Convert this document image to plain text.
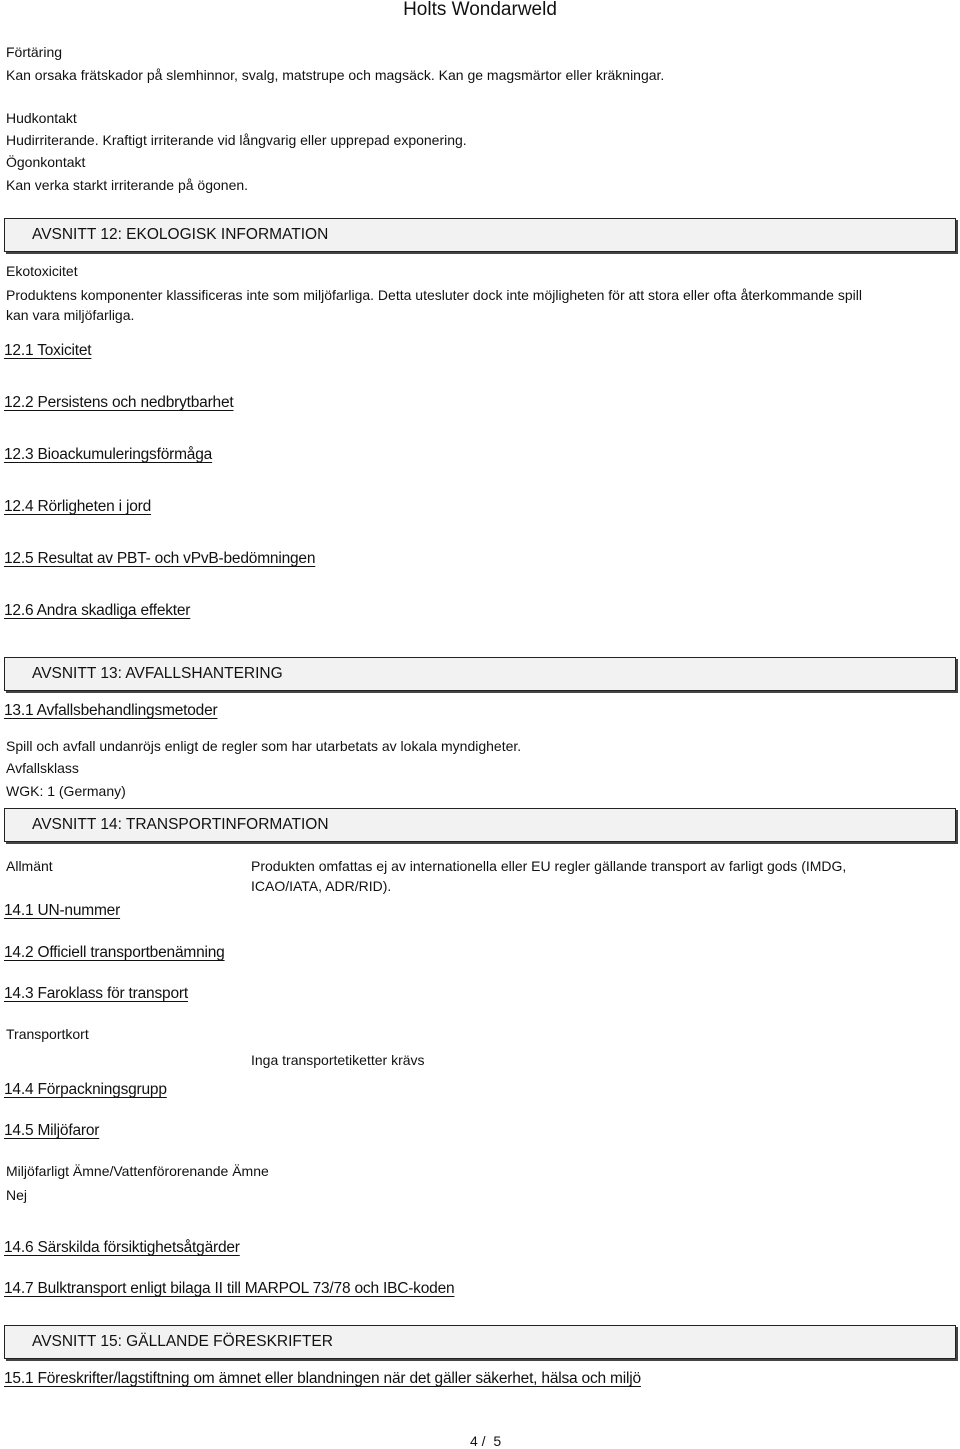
Holts Wondarweld
Förtäring
Kan orsaka frätskador på slemhinnor, svalg, matstrupe och magsäck. Kan ge magsmärtor eller kräkningar.
Hudkontakt
Hudirriterande. Kraftigt irriterande vid långvarig eller upprepad exponering.
Ögonkontakt
Kan verka starkt irriterande på ögonen.
AVSNITT 12: EKOLOGISK INFORMATION
Ekotoxicitet
Produktens komponenter klassificeras inte som miljöfarliga. Detta utesluter dock inte möjligheten för att stora eller ofta återkommande spill
kan vara miljöfarliga.
12.1 Toxicitet
12.2 Persistens och nedbrytbarhet
12.3 Bioackumuleringsförmåga
12.4 Rörligheten i jord
12.5 Resultat av PBT- och vPvB-bedömningen
12.6 Andra skadliga effekter
AVSNITT 13: AVFALLSHANTERING
13.1 Avfallsbehandlingsmetoder
Spill och avfall undanröjs enligt de regler som har utarbetats av lokala myndigheter.
Avfallsklass
WGK: 1 (Germany)
AVSNITT 14: TRANSPORTINFORMATION
Allmänt	Produkten omfattas ej av internationella eller EU regler gällande transport av farligt gods (IMDG,
ICAO/IATA, ADR/RID).
14.1 UN-nummer
14.2 Officiell transportbenämning
14.3 Faroklass för transport
Transportkort
Inga transportetiketter krävs
14.4 Förpackningsgrupp
14.5 Miljöfaror
Miljöfarligt Ämne/Vattenförorenande Ämne
Nej
14.6 Särskilda försiktighetsåtgärder
14.7 Bulktransport enligt bilaga II till MARPOL 73/78 och IBC-koden
AVSNITT 15: GÄLLANDE FÖRESKRIFTER
15.1 Föreskrifter/lagstiftning om ämnet eller blandningen när det gäller säkerhet, hälsa och miljö
4 /  5
